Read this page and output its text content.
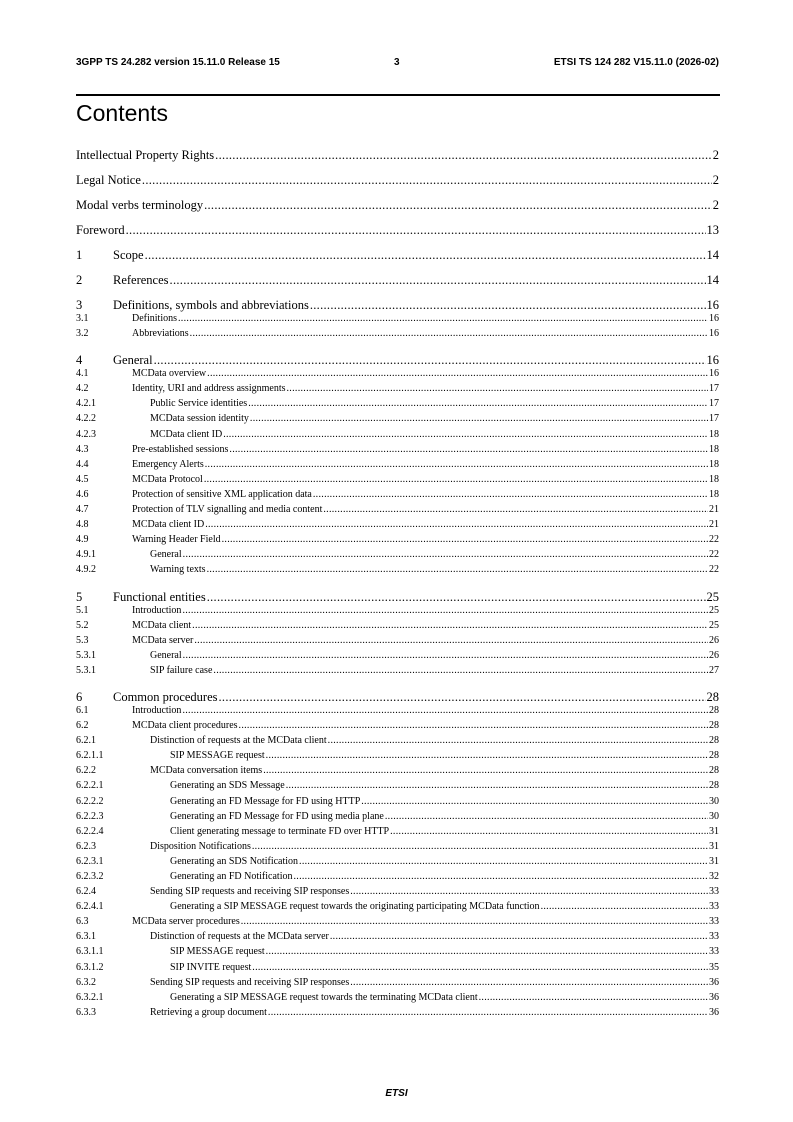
3GPP TS 24.282 version 15.11.0 Release 15	3	ETSI TS 124 282 V15.11.0 (2026-02)
Contents
Intellectual Property Rights .....	2
Legal Notice .....	2
Modal verbs terminology .....	2
Foreword .....	13
1 Scope .....	14
2 References .....	14
3 Definitions, symbols and abbreviations .....	16
3.1	Definitions .....	16
3.2	Abbreviations .....	16
4 General .....	16
4.1	MCData overview .....	16
4.2	Identity, URI and address assignments .....	17
4.2.1	Public Service identities .....	17
4.2.2	MCData session identity .....	17
4.2.3	MCData client ID .....	18
4.3	Pre-established sessions .....	18
4.4	Emergency Alerts .....	18
4.5	MCData Protocol .....	18
4.6	Protection of sensitive XML application data .....	18
4.7	Protection of TLV signalling and media content .....	21
4.8	MCData client ID .....	21
4.9	Warning Header Field .....	22
4.9.1	General .....	22
4.9.2	Warning texts .....	22
5 Functional entities .....	25
5.1	Introduction .....	25
5.2	MCData client .....	25
5.3	MCData server .....	26
5.3.1	General .....	26
5.3.1	SIP failure case .....	27
6 Common procedures .....	28
6.1	Introduction .....	28
6.2	MCData client procedures .....	28
6.2.1	Distinction of requests at the MCData client .....	28
6.2.1.1	SIP MESSAGE request .....	28
6.2.2	MCData conversation items .....	28
6.2.2.1	Generating an SDS Message .....	28
6.2.2.2	Generating an FD Message for FD using HTTP .....	30
6.2.2.3	Generating an FD Message for FD using media plane .....	30
6.2.2.4	Client generating message to terminate FD over HTTP .....	31
6.2.3	Disposition Notifications .....	31
6.2.3.1	Generating an SDS Notification .....	31
6.2.3.2	Generating an FD Notification .....	32
6.2.4	Sending SIP requests and receiving SIP responses .....	33
6.2.4.1	Generating a SIP MESSAGE request towards the originating participating MCData function .....	33
6.3	MCData server procedures .....	33
6.3.1	Distinction of requests at the MCData server .....	33
6.3.1.1	SIP MESSAGE request .....	33
6.3.1.2	SIP INVITE request .....	35
6.3.2	Sending SIP requests and receiving SIP responses .....	36
6.3.2.1	Generating a SIP MESSAGE request towards the terminating MCData client .....	36
6.3.3	Retrieving a group document .....	36
ETSI
